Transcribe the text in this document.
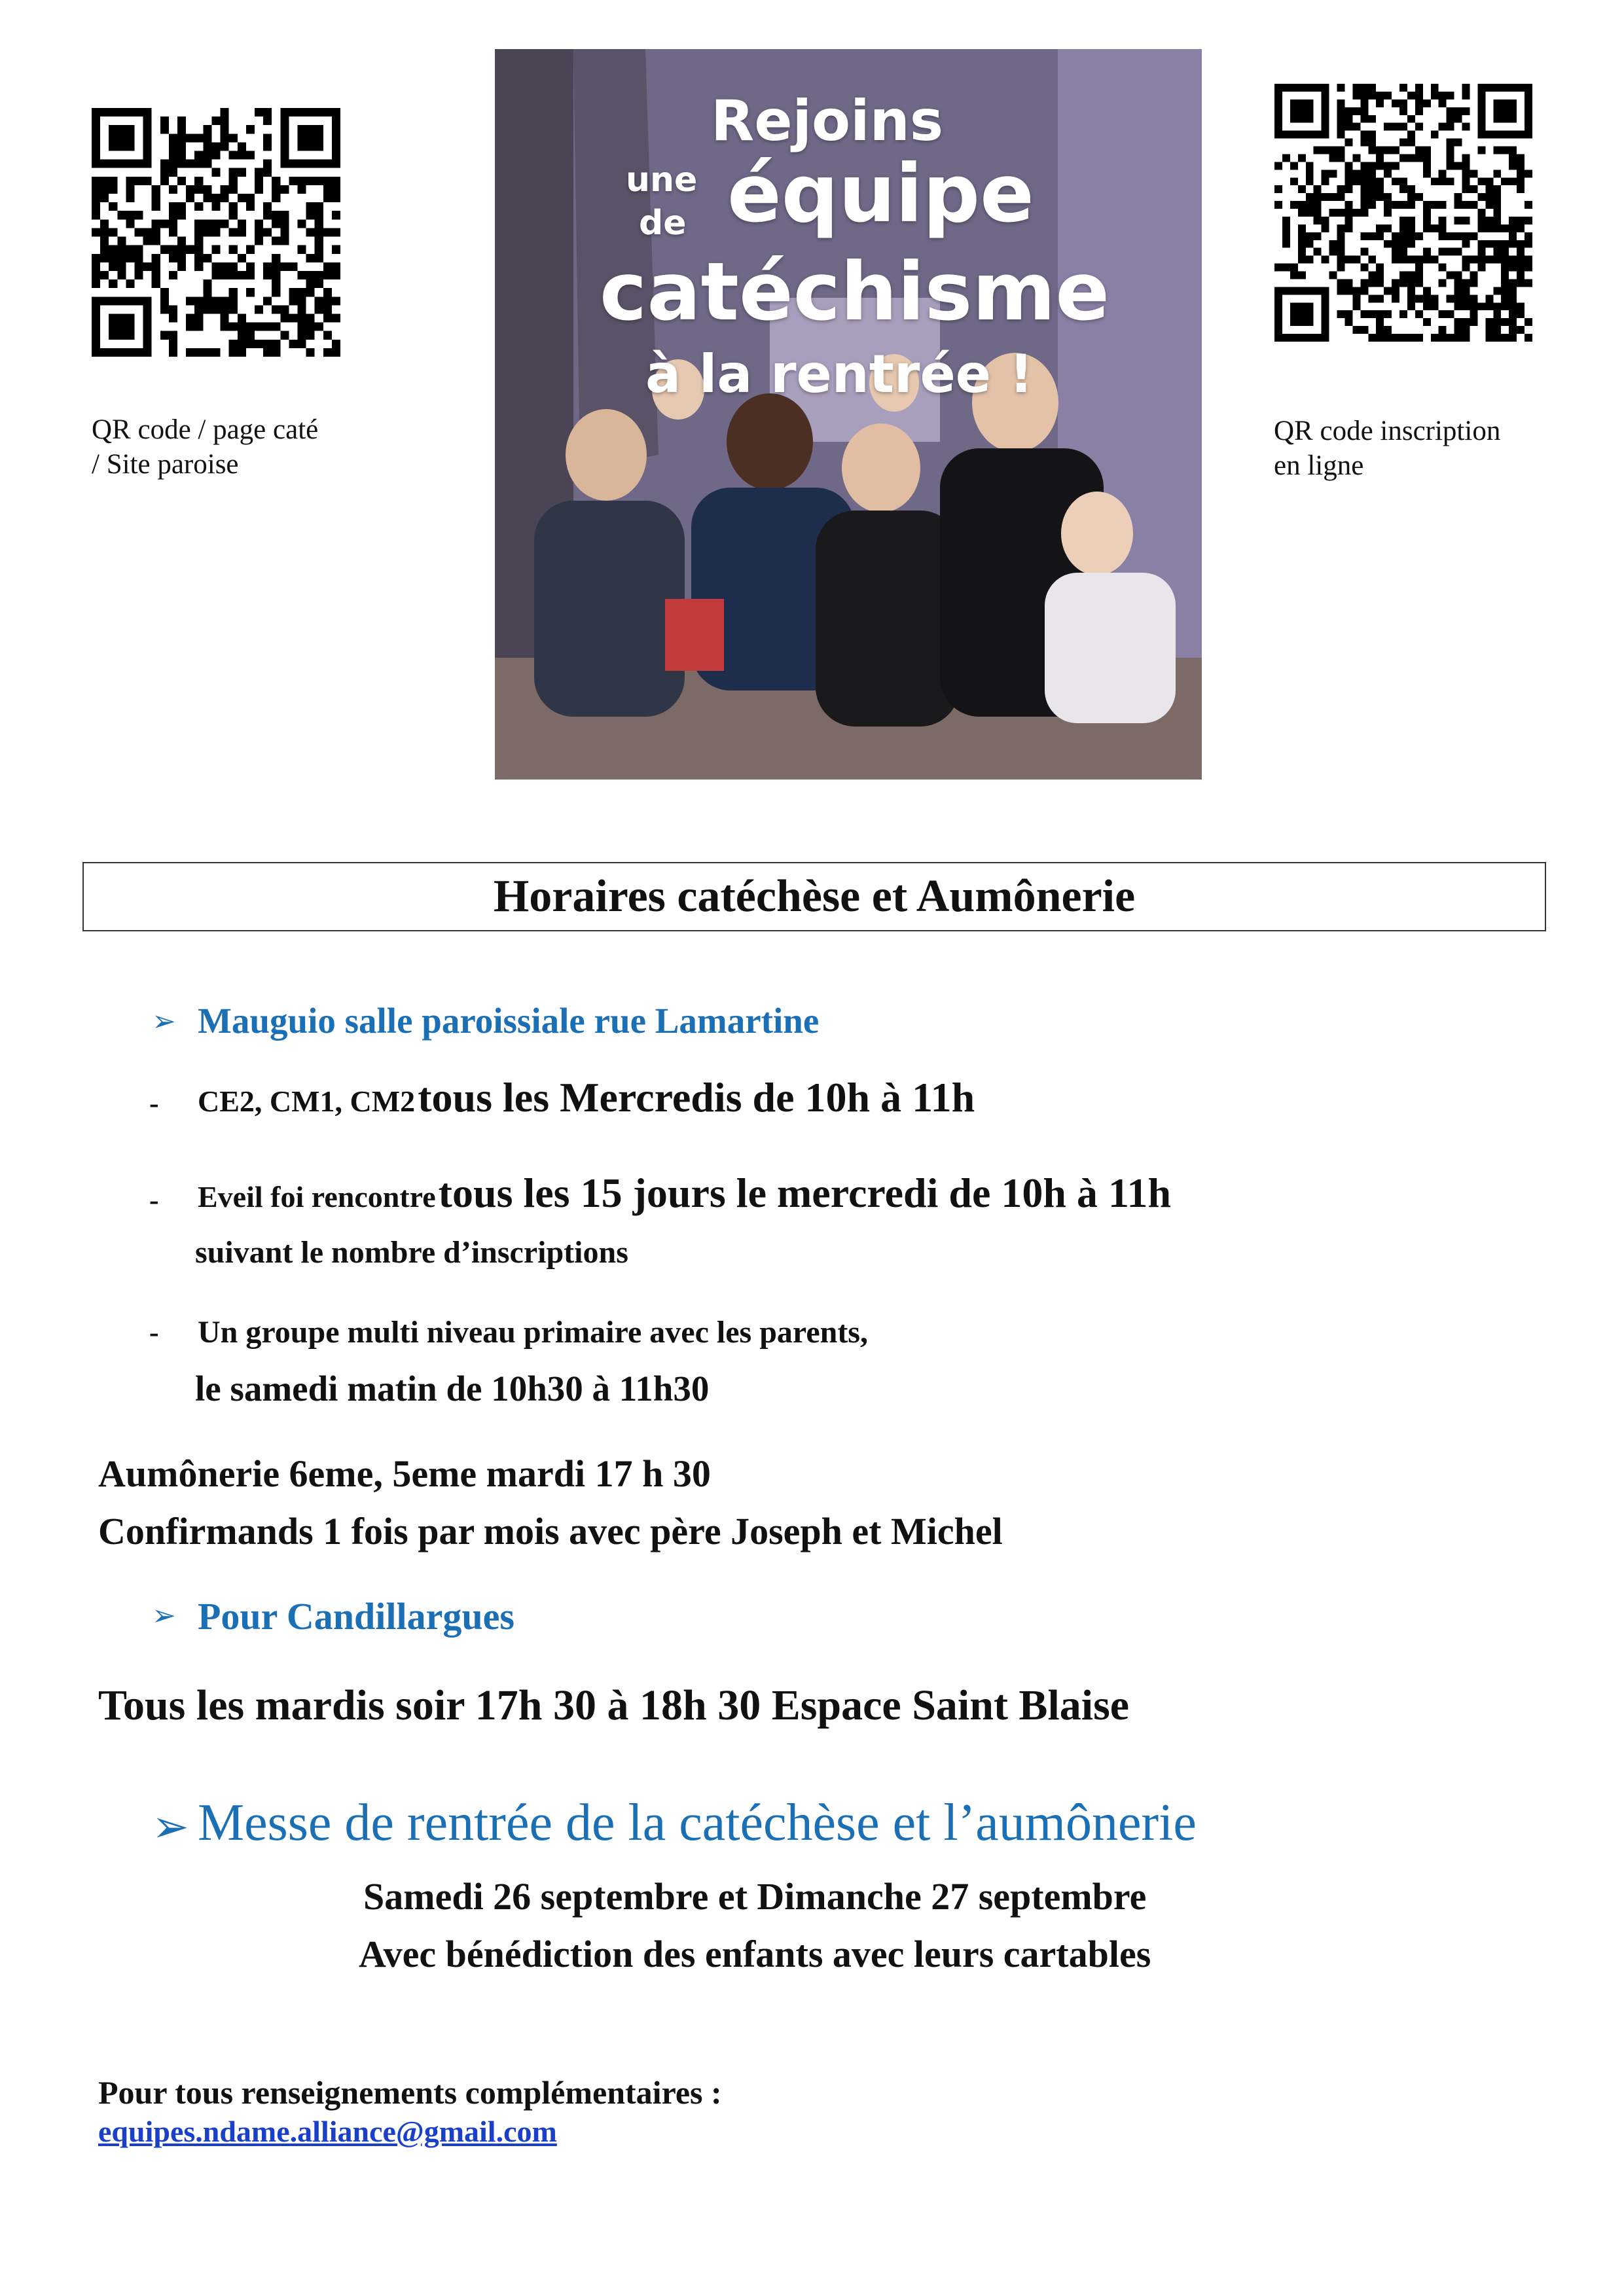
QR code / page caté
/ Site paroise
QR code inscription
en ligne
Rejoins
une équipe
de
catéchisme
à la rentrée !
Horaires catéchèse et Aumônerie
➢ Mauguio salle paroissiale rue Lamartine
- CE2, CM1, CM2 tous les Mercredis de 10h à 11h
- Eveil foi rencontre tous les 15 jours le mercredi de 10h à 11h
suivant le nombre d’inscriptions
- Un groupe multi niveau primaire avec les parents,
le samedi matin de 10h30 à 11h30
Aumônerie 6eme, 5eme mardi 17 h 30
Confirmands 1 fois par mois avec père Joseph et Michel
➢ Pour Candillargues
Tous les mardis soir 17h 30 à 18h 30 Espace Saint Blaise
➢ Messe de rentrée de la catéchèse et l’aumônerie
Samedi 26 septembre et Dimanche 27 septembre
Avec bénédiction des enfants avec leurs cartables
Pour tous renseignements complémentaires :
equipes.ndame.alliance@gmail.com
